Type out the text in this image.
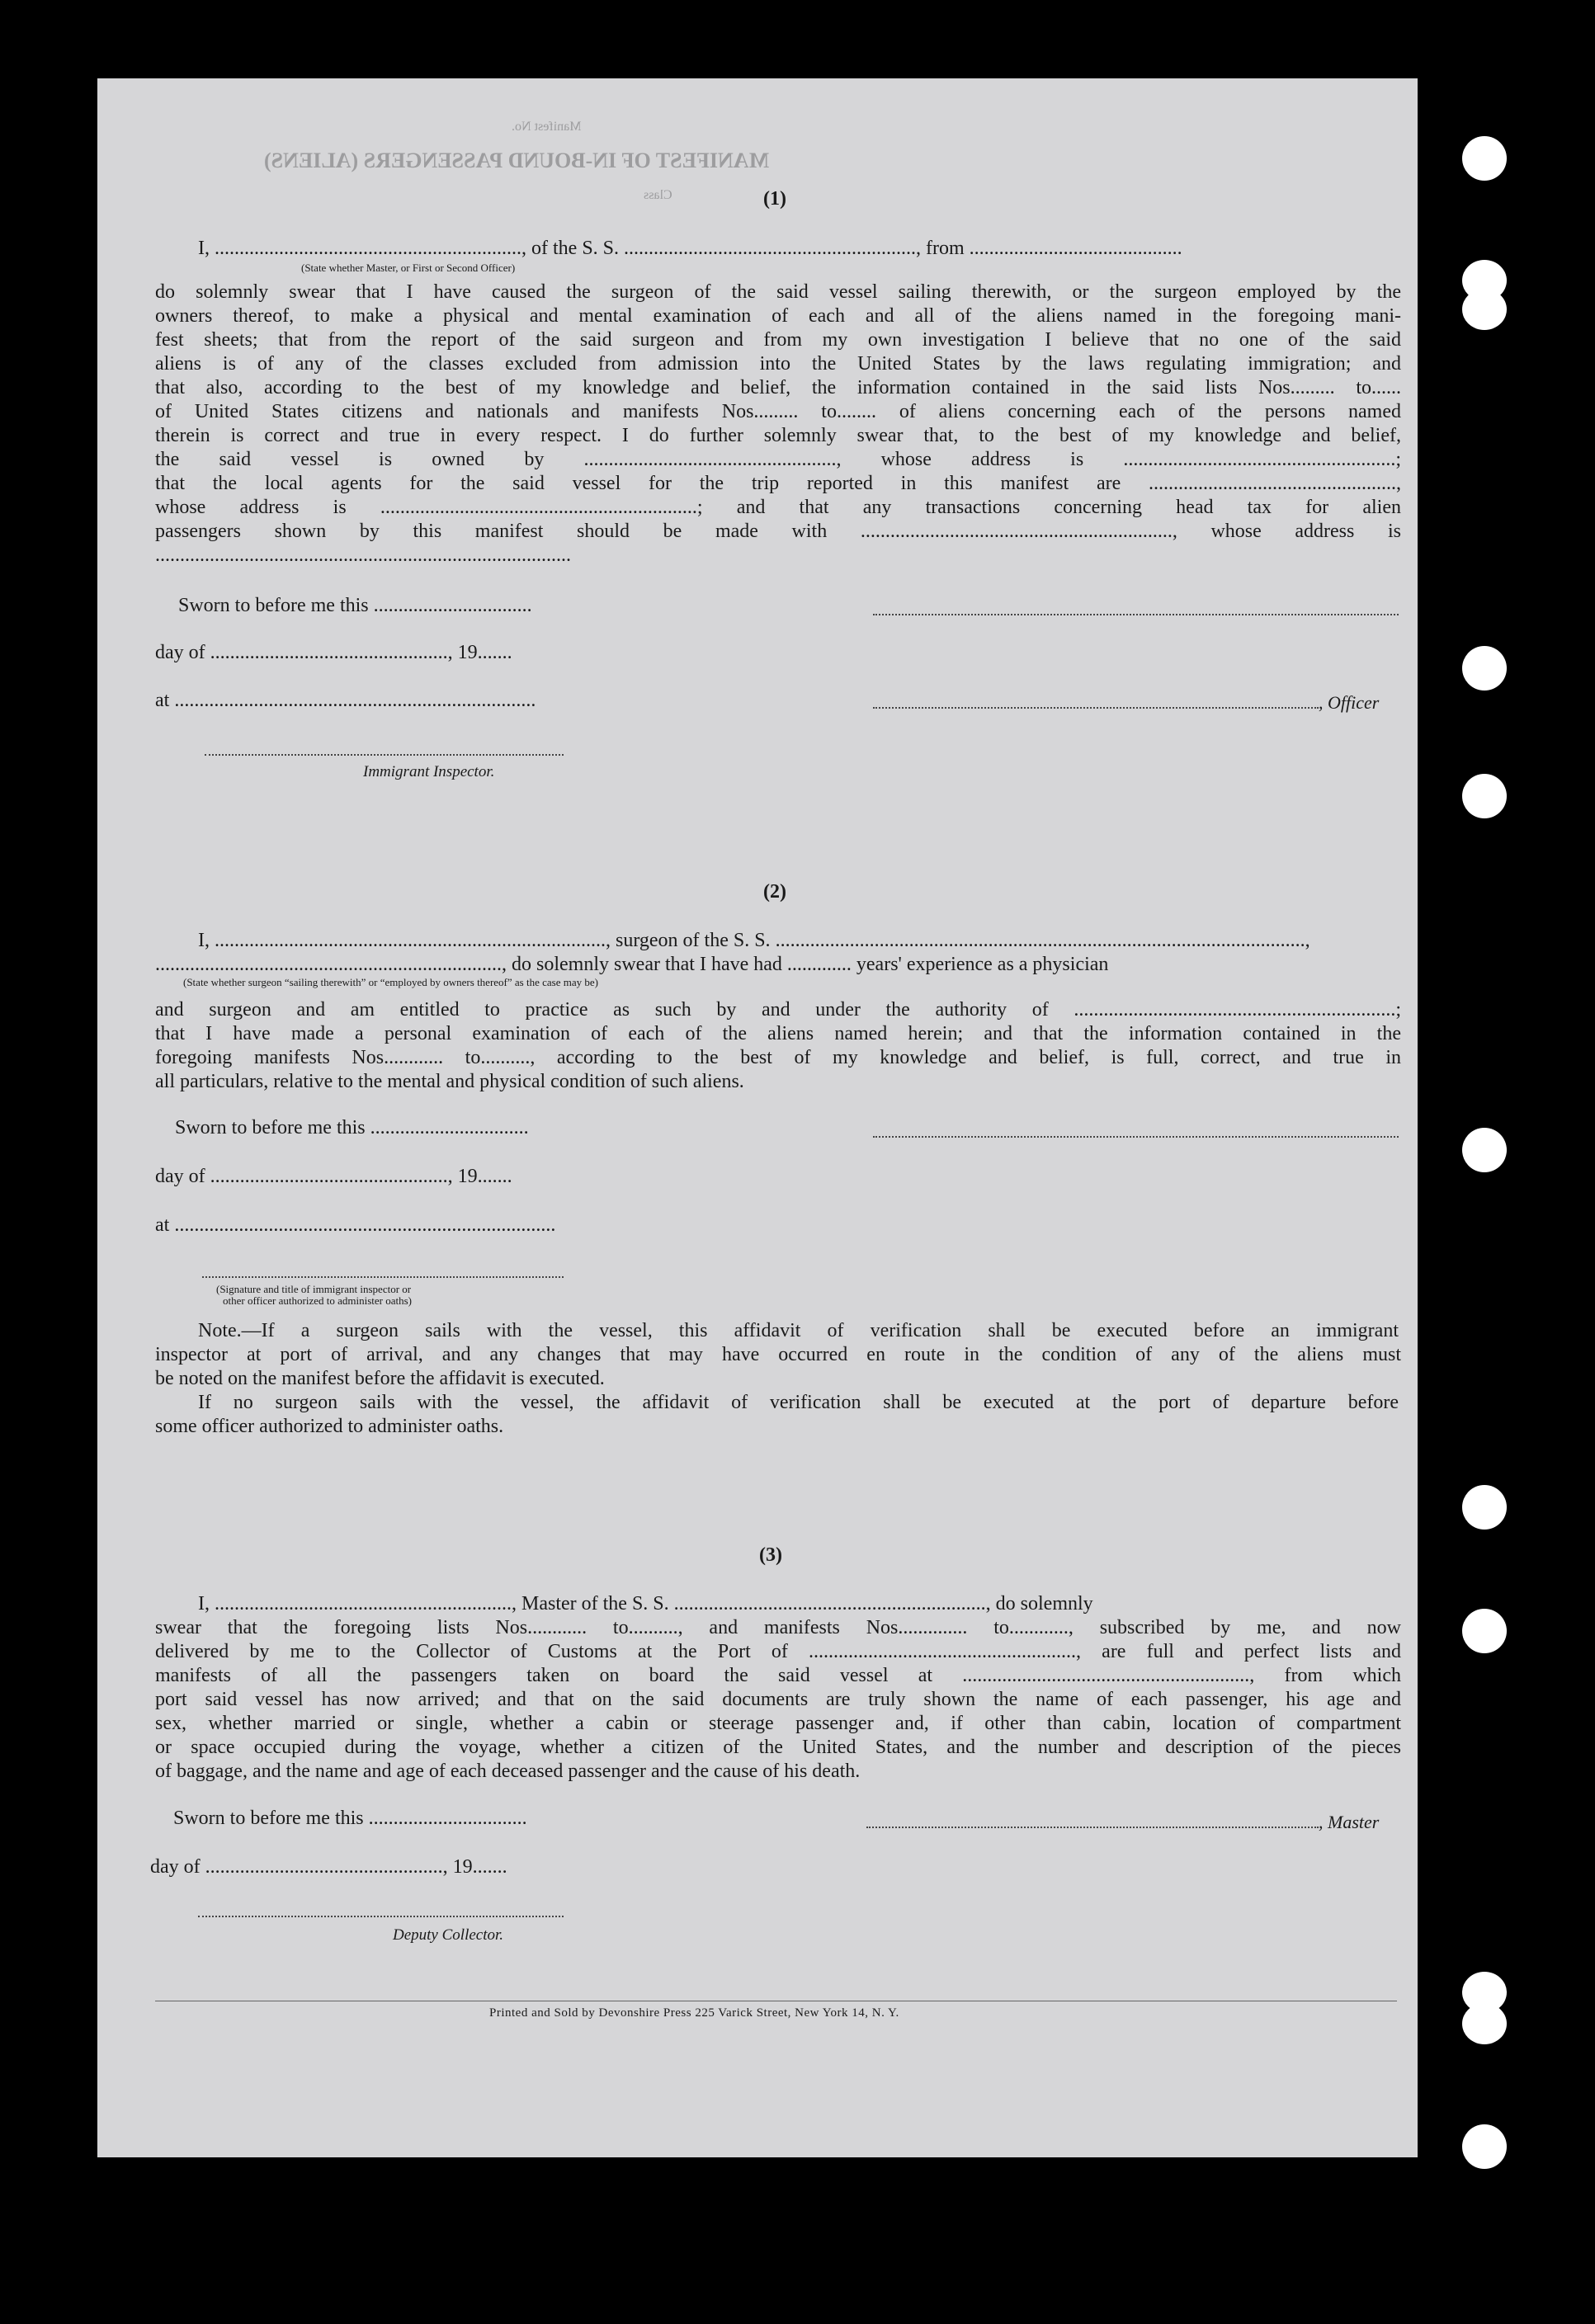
Manifest No.
MANIFEST OF IN-BOUND PASSENGERS (ALIENS)
Class	(1)
I, .............................................................., of the S. S. ..........................................................., from ...........................................
(State whether Master, or First or Second Officer)
do solemnly swear that I have caused the surgeon of the said vessel sailing therewith, or the surgeon employed by the
owners thereof, to make a physical and mental examination of each and all of the aliens named in the foregoing mani-
fest sheets; that from the report of the said surgeon and from my own investigation I believe that no one of the said
aliens is of any of the classes excluded from admission into the United States by the laws regulating immigration; and
that also, according to the best of my knowledge and belief, the information contained in the said lists Nos......... to......
of United States citizens and nationals and manifests Nos......... to........ of aliens concerning each of the persons named
therein is correct and true in every respect. I do further solemnly swear that, to the best of my knowledge and belief,
the said vessel is owned by ..................................................., whose address is .......................................................;
that the local agents for the said vessel for the trip reported in this manifest are ..................................................,
whose address is ................................................................; and that any transactions concerning head tax for alien
passengers shown by this manifest should be made with ..............................................................., whose address is
....................................................................................
Sworn to before me this ................................
day of ................................................, 19.......
at .........................................................................	, Officer
Immigrant Inspector.
(2)
I, ..............................................................................., surgeon of the S. S. ...........................................................................................................,
......................................................................, do solemnly swear that I have had ............. years' experience as a physician
(State whether surgeon “sailing therewith” or “employed by owners thereof” as the case may be)
and surgeon and am entitled to practice as such by and under the authority of .................................................................;
that I have made a personal examination of each of the aliens named herein; and that the information contained in the
foregoing manifests Nos............ to.........., according to the best of my knowledge and belief, is full, correct, and true in
all particulars, relative to the mental and physical condition of such aliens.
Sworn to before me this ................................
day of ................................................, 19.......
at .............................................................................
(Signature and title of immigrant inspector or
other officer authorized to administer oaths)
Note.—If a surgeon sails with the vessel, this affidavit of verification shall be executed before an immigrant
inspector at port of arrival, and any changes that may have occurred en route in the condition of any of the aliens must
be noted on the manifest before the affidavit is executed.
If no surgeon sails with the vessel, the affidavit of verification shall be executed at the port of departure before
some officer authorized to administer oaths.
(3)
I, ............................................................, Master of the S. S. ..............................................................., do solemnly
swear that the foregoing lists Nos............ to.........., and manifests Nos.............. to............, subscribed by me, and now
delivered by me to the Collector of Customs at the Port of ......................................................, are full and perfect lists and
manifests of all the passengers taken on board the said vessel at .........................................................., from which
port said vessel has now arrived; and that on the said documents are truly shown the name of each passenger, his age and
sex, whether married or single, whether a cabin or steerage passenger and, if other than cabin, location of compartment
or space occupied during the voyage, whether a citizen of the United States, and the number and description of the pieces
of baggage, and the name and age of each deceased passenger and the cause of his death.
Sworn to before me this ................................	, Master
day of ................................................, 19.......
Deputy Collector.
Printed and Sold by Devonshire Press 225 Varick Street, New York 14, N. Y.
